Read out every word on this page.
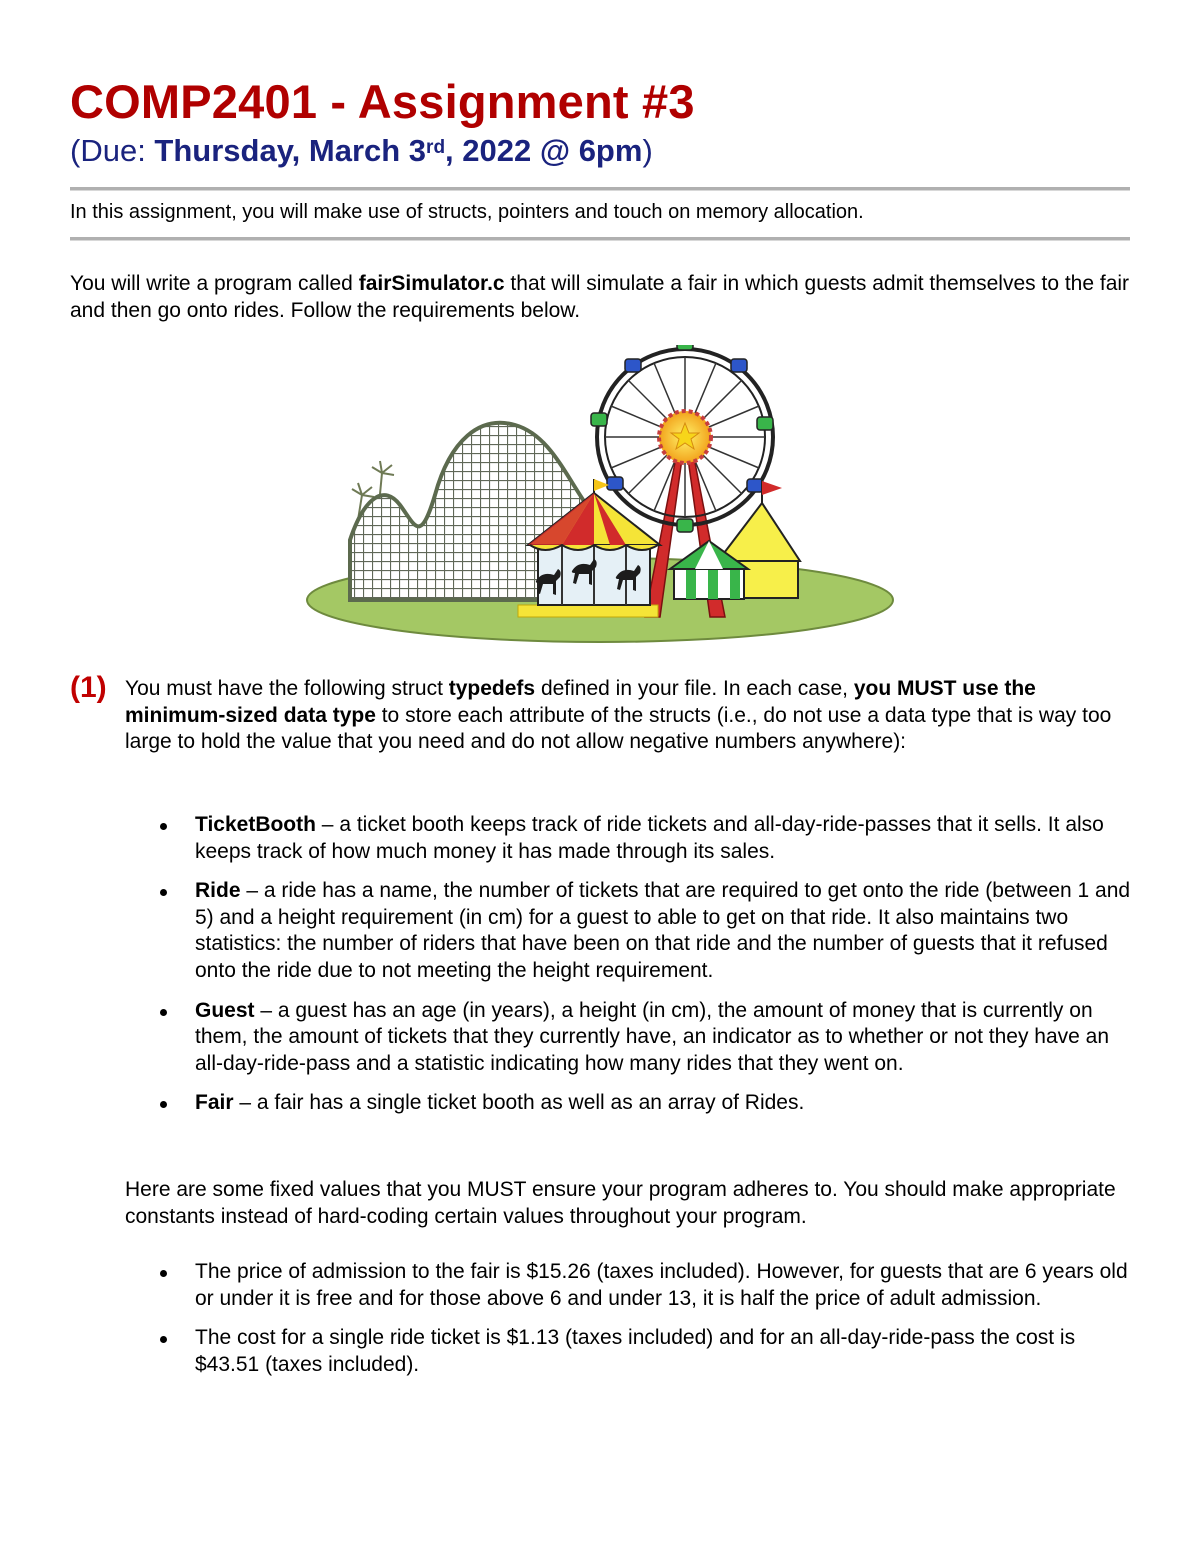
COMP2401 - Assignment #3
(Due: Thursday, March 3rd, 2022 @ 6pm)
In this assignment, you will make use of structs, pointers and touch on memory allocation.
You will write a program called fairSimulator.c that will simulate a fair in which guests admit themselves to the fair and then go onto rides. Follow the requirements below.
(1) You must have the following struct typedefs defined in your file. In each case, you MUST use the minimum-sized data type to store each attribute of the structs (i.e., do not use a data type that is way too large to hold the value that you need and do not allow negative numbers anywhere):
TicketBooth – a ticket booth keeps track of ride tickets and all-day-ride-passes that it sells. It also keeps track of how much money it has made through its sales.
Ride – a ride has a name, the number of tickets that are required to get onto the ride (between 1 and 5) and a height requirement (in cm) for a guest to able to get on that ride. It also maintains two statistics: the number of riders that have been on that ride and the number of guests that it refused onto the ride due to not meeting the height requirement.
Guest – a guest has an age (in years), a height (in cm), the amount of money that is currently on them, the amount of tickets that they currently have, an indicator as to whether or not they have an all-day-ride-pass and a statistic indicating how many rides that they went on.
Fair – a fair has a single ticket booth as well as an array of Rides.
Here are some fixed values that you MUST ensure your program adheres to. You should make appropriate constants instead of hard-coding certain values throughout your program.
The price of admission to the fair is $15.26 (taxes included). However, for guests that are 6 years old or under it is free and for those above 6 and under 13, it is half the price of adult admission.
The cost for a single ride ticket is $1.13 (taxes included) and for an all-day-ride-pass the cost is $43.51 (taxes included).
